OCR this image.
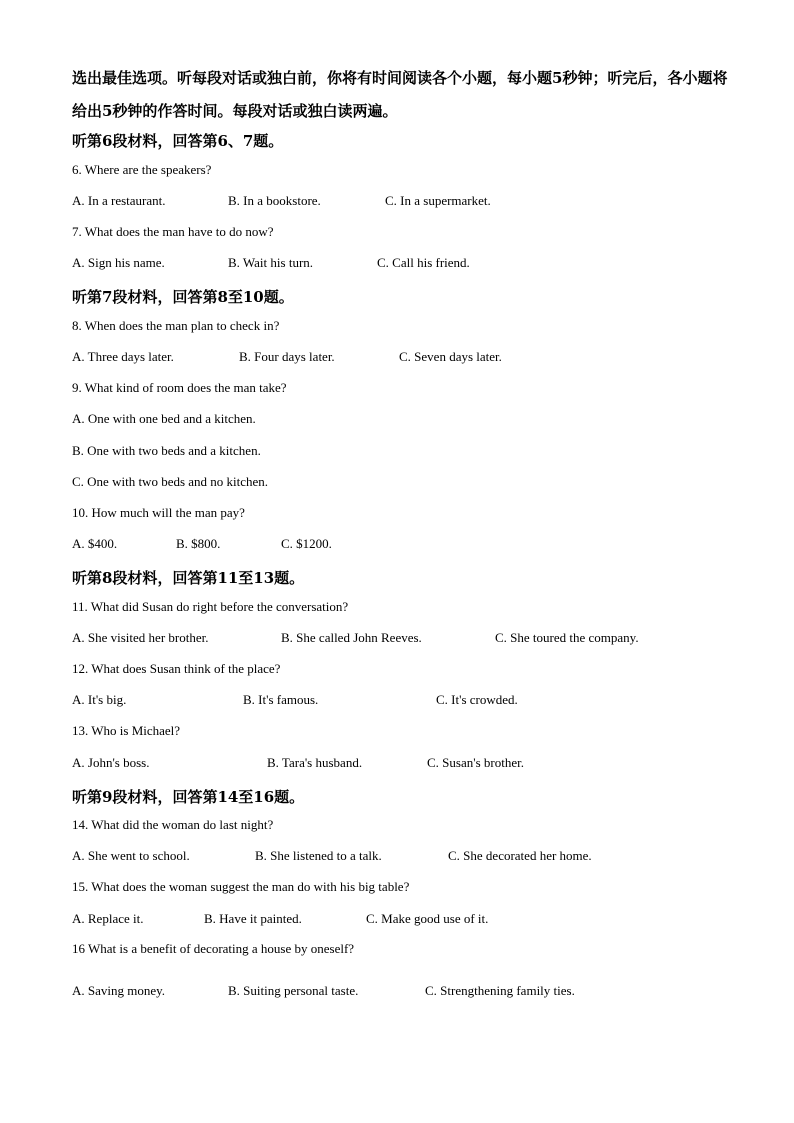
选出最佳选项。听每段对话或独白前，你将有时间阅读各个小题，每小题5秒钟；听完后，各小题将给出5秒钟的作答时间。每段对话或独白读两遍。
听第6段材料，回答第6、7题。
6. Where are the speakers?
A. In a restaurant.	B. In a bookstore.	C. In a supermarket.
7. What does the man have to do now?
A. Sign his name.	B. Wait his turn.	C. Call his friend.
听第7段材料，回答第8至10题。
8. When does the man plan to check in?
A. Three days later.	B. Four days later.	C. Seven days later.
9. What kind of room does the man take?
A. One with one bed and a kitchen.
B. One with two beds and a kitchen.
C. One with two beds and no kitchen.
10. How much will the man pay?
A. $400.	B. $800.	C. $1200.
听第8段材料，回答第11至13题。
11. What did Susan do right before the conversation?
A. She visited her brother.	B. She called John Reeves.	C. She toured the company.
12. What does Susan think of the place?
A. It's big.	B. It's famous.	C. It's crowded.
13. Who is Michael?
A. John's boss.	B. Tara's husband.	C. Susan's brother.
听第9段材料，回答第14至16题。
14. What did the woman do last night?
A. She went to school.	B. She listened to a talk.	C. She decorated her home.
15. What does the woman suggest the man do with his big table?
A. Replace it.	B. Have it painted.	C. Make good use of it.
16 What is a benefit of decorating a house by oneself?
A. Saving money.	B. Suiting personal taste.	C. Strengthening family ties.
